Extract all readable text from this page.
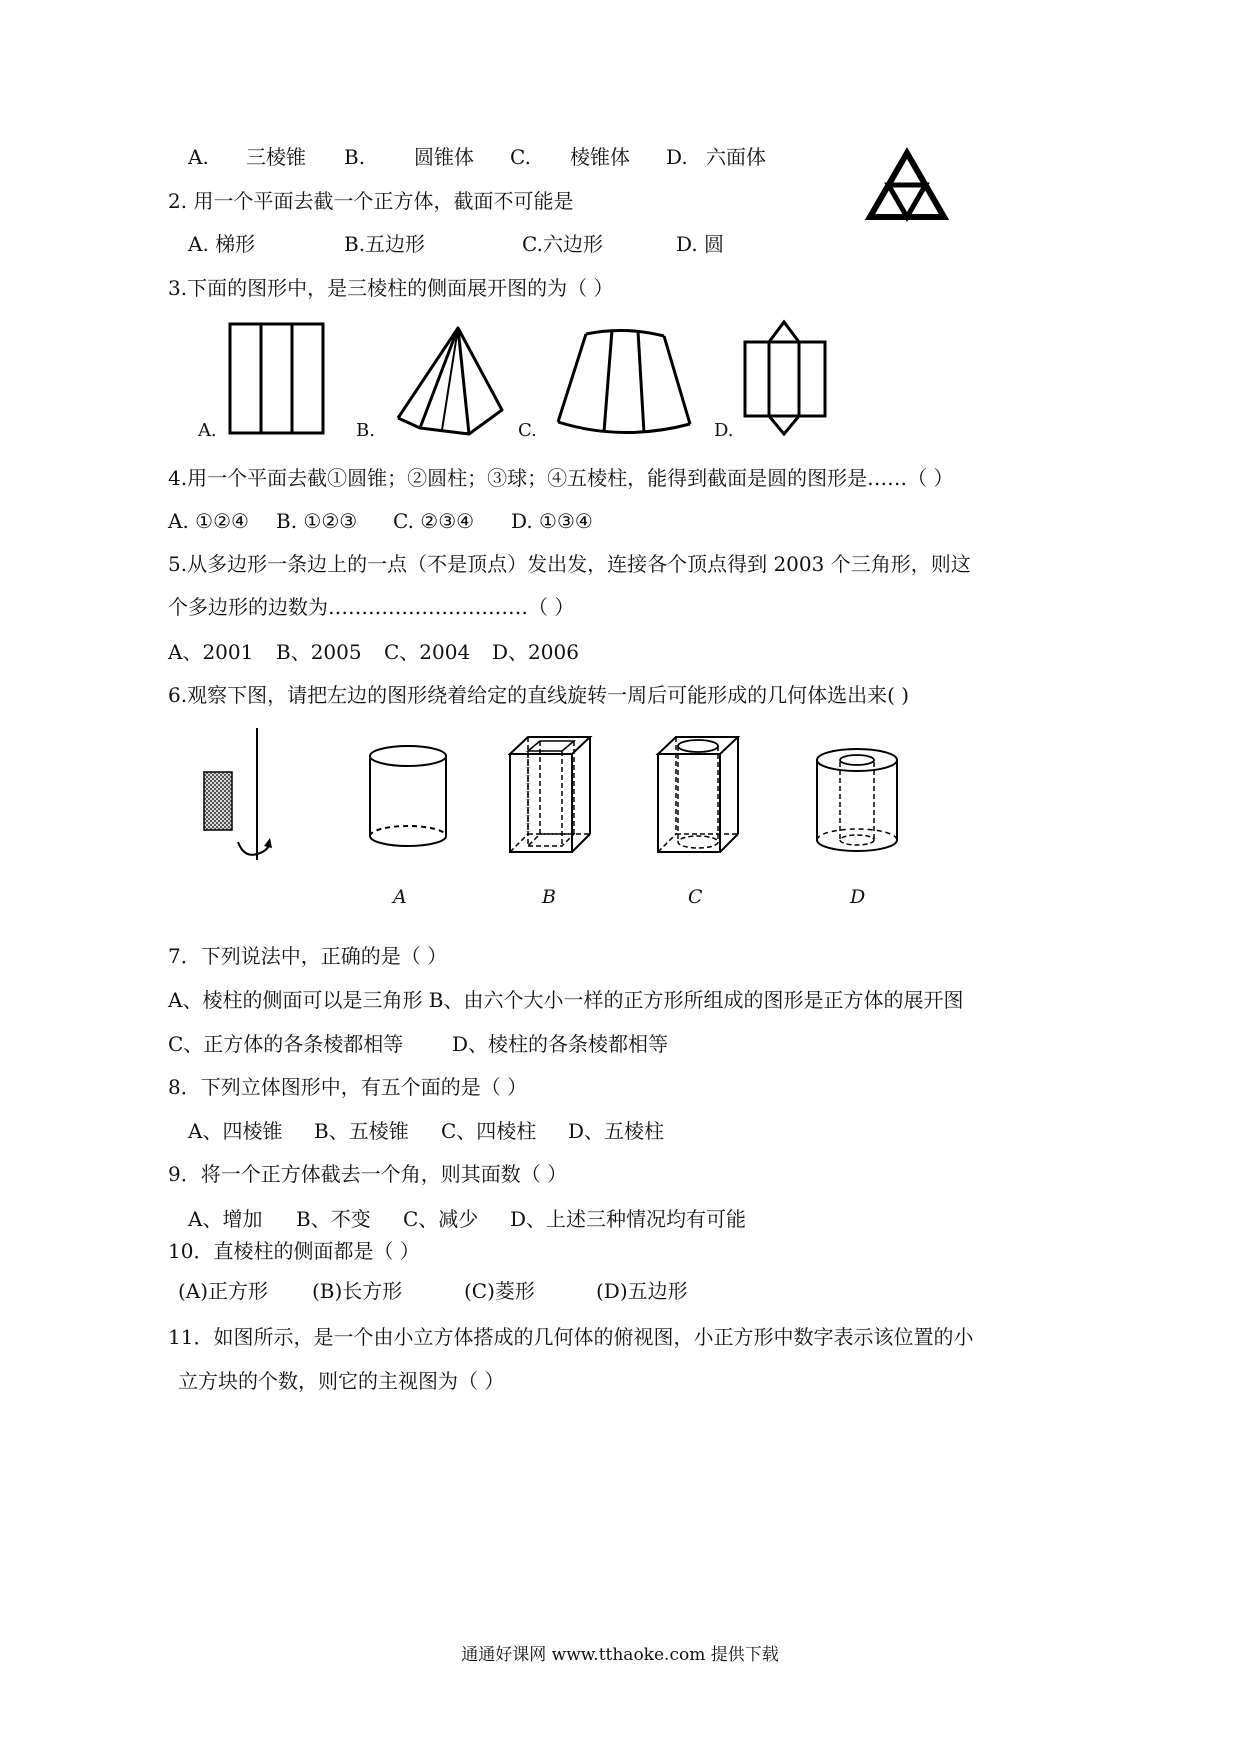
A. 三棱锥 B. 圆锥体 C. 棱锥体 D. 六面体
2. 用一个平面去截一个正方体，截面不可能是
A. 梯形	B.五边形	C.六边形	D. 圆
3.下面的图形中，是三棱柱的侧面展开图的为（ ）
A.	B.	C.	D.
4.用一个平面去截①圆锥；②圆柱；③球；④五棱柱，能得到截面是圆的图形是……（ ）
A. ①②④ B. ①②③ C. ②③④ D. ①③④
5.从多边形一条边上的一点（不是顶点）发出发，连接各个顶点得到 2003 个三角形，则这
个多边形的边数为…………………………（ ）
A、2001 B、2005 C、2004 D、2006
6.观察下图，请把左边的图形绕着给定的直线旋转一周后可能形成的几何体选出来( )
A	B	C	D
7．下列说法中，正确的是（ ）
A、棱柱的侧面可以是三角形 B、由六个大小一样的正方形所组成的图形是正方体的展开图
C、正方体的各条棱都相等 D、棱柱的各条棱都相等
8．下列立体图形中，有五个面的是（ ）
A、四棱锥 B、五棱锥 C、四棱柱 D、五棱柱
9．将一个正方体截去一个角，则其面数（ ）
A、增加 B、不变 C、减少 D、上述三种情况均有可能
10．直棱柱的侧面都是（ ）
(A)正方形 (B)长方形	(C)菱形	(D)五边形
11．如图所示，是一个由小立方体搭成的几何体的俯视图，小正方形中数字表示该位置的小
立方块的个数，则它的主视图为（ ）
通通好课网 www.tthaoke.com 提供下载
